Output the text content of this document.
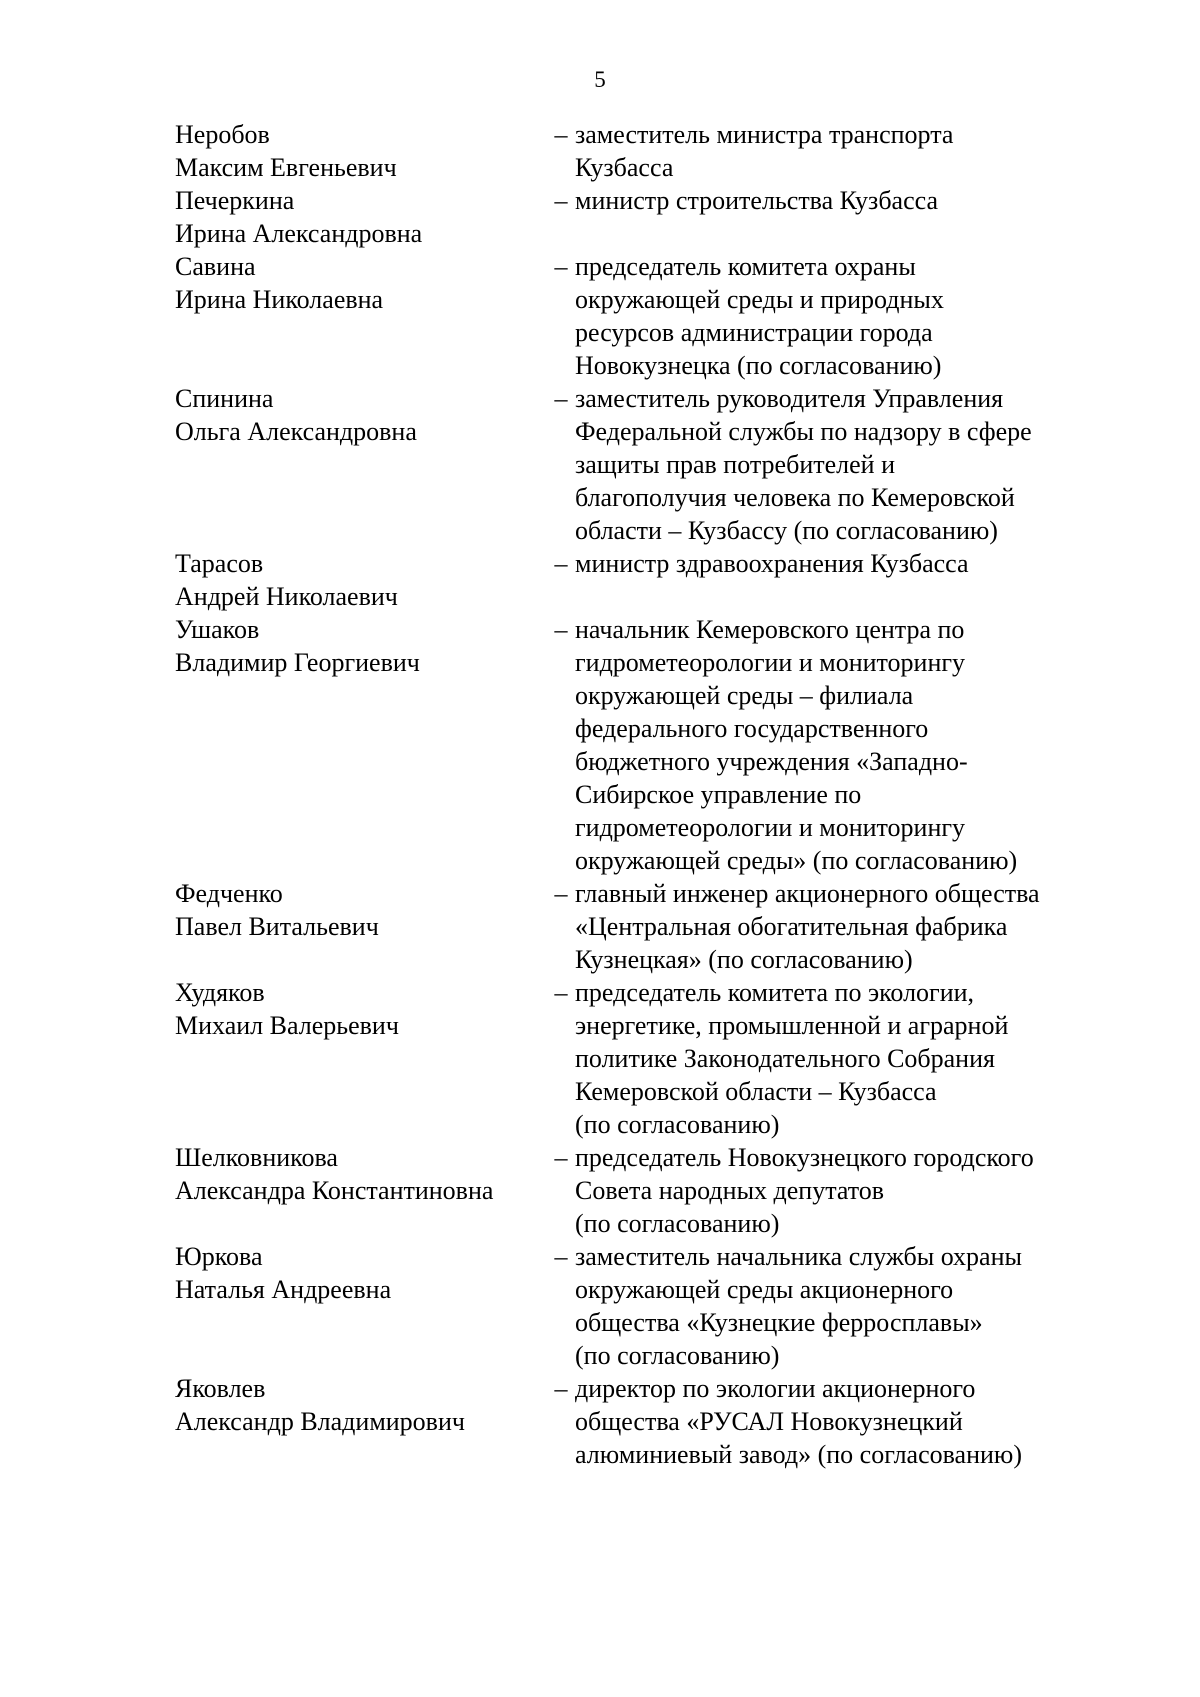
5
Неробов
Максим Евгеньевич
– заместитель министра транспорта
Кузбасса
Печеркина
Ирина Александровна
– министр строительства Кузбасса

Савина
Ирина Николаевна
– председатель комитета охраны
окружающей среды и природных
ресурсов администрации города
Новокузнецка (по согласованию)
Спинина
Ольга Александровна
– заместитель руководителя Управления
Федеральной службы по надзору в сфере
защиты прав потребителей и
благополучия человека по Кемеровской
области – Кузбассу (по согласованию)
Тарасов
Андрей Николаевич
– министр здравоохранения Кузбасса

Ушаков
Владимир Георгиевич
– начальник Кемеровского центра по
гидрометеорологии и мониторингу
окружающей среды – филиала
федерального государственного
бюджетного учреждения «Западно-
Сибирское управление по
гидрометеорологии и мониторингу
окружающей среды» (по согласованию)
Федченко
Павел Витальевич
– главный инженер акционерного общества
«Центральная обогатительная фабрика
Кузнецкая» (по согласованию)
Худяков
Михаил Валерьевич
– председатель комитета по экологии,
энергетике, промышленной и аграрной
политике Законодательного Собрания
Кемеровской области – Кузбасса
(по согласованию)
Шелковникова
Александра Константиновна
– председатель Новокузнецкого городского
Совета народных депутатов
(по согласованию)
Юркова
Наталья Андреевна
– заместитель начальника службы охраны
окружающей среды акционерного
общества «Кузнецкие ферросплавы»
(по согласованию)
Яковлев
Александр Владимирович
– директор по экологии акционерного
общества «РУСАЛ Новокузнецкий
алюминиевый завод» (по согласованию)
